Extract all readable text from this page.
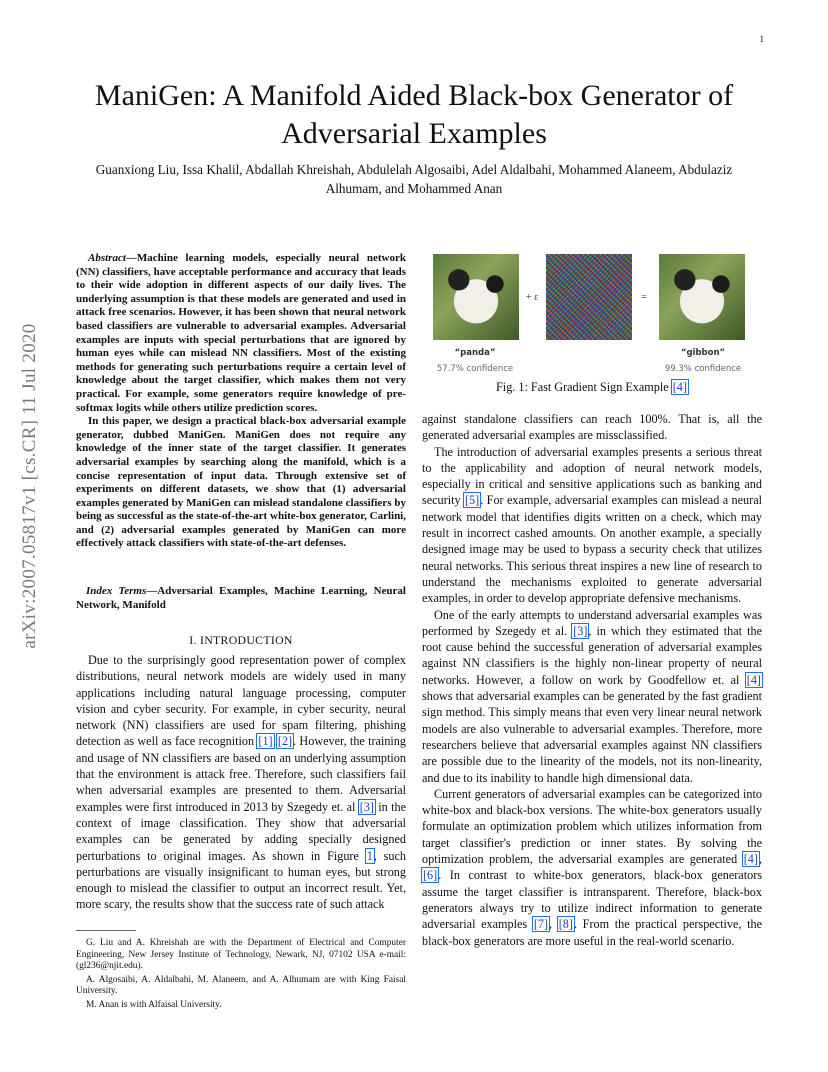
1
arXiv:2007.05817v1 [cs.CR] 11 Jul 2020
ManiGen: A Manifold Aided Black-box Generator of Adversarial Examples
Guanxiong Liu, Issa Khalil, Abdallah Khreishah, Abdulelah Algosaibi, Adel Aldalbahi, Mohammed Alaneem, Abdulaziz Alhumam, and Mohammed Anan

Abstract—Machine learning models, especially neural network (NN) classifiers, have acceptable performance and accuracy that leads to their wide adoption in different aspects of our daily lives. The underlying assumption is that these models are generated and used in attack free scenarios. However, it has been shown that neural network based classifiers are vulnerable to adversarial examples. Adversarial examples are inputs with special perturbations that are ignored by human eyes while can mislead NN classifiers. Most of the existing methods for generating such perturbations require a certain level of knowledge about the target classifier, which makes them not very practical. For example, some generators require knowledge of pre-softmax logits while others utilize prediction scores.

In this paper, we design a practical black-box adversarial example generator, dubbed ManiGen. ManiGen does not require any knowledge of the inner state of the target classifier. It generates adversarial examples by searching along the manifold, which is a concise representation of input data. Through extensive set of experiments on different datasets, we show that (1) adversarial examples generated by ManiGen can mislead standalone classifiers by being as successful as the state-of-the-art white-box generator, Carlini, and (2) adversarial examples generated by ManiGen can more effectively attack classifiers with state-of-the-art defenses.

Index Terms—Adversarial Examples, Machine Learning, Neural Network, Manifold
I. INTRODUCTION

Due to the surprisingly good representation power of complex distributions, neural network models are widely used in many applications including natural language processing, computer vision and cyber security. For example, in cyber security, neural network (NN) classifiers are used for spam filtering, phishing detection as well as face recognition [1] [2]. However, the training and usage of NN classifiers are based on an underlying assumption that the environment is attack free. Therefore, such classifiers fail when adversarial examples are presented to them. Adversarial examples were first introduced in 2013 by Szegedy et. al [3] in the context of image classification. They show that adversarial examples can be generated by adding specially designed perturbations to original images. As shown in Figure 1, such perturbations are visually insignificant to human eyes, but strong enough to mislead the classifier to output an incorrect result. Yet, more scary, the results show that the success rate of such attack

G. Liu and A. Khreishah are with the Department of Electrical and Computer Engineering, New Jersey Institute of Technology, Newark, NJ, 07102 USA e-mail: (gl236@njit.edu).

A. Algosaibi, A. Aldalbahi, M. Alaneem, and A. Alhumam are with King Faisal University.

M. Anan is with Alfaisal University.

+ ε	=
“panda”
57.7% confidence
“gibbon”
99.3% confidence
Fig. 1: Fast Gradient Sign Example [4]

against standalone classifiers can reach 100%. That is, all the generated adversarial examples are missclassified.

The introduction of adversarial examples presents a serious threat to the applicability and adoption of neural network models, especially in critical and sensitive applications such as banking and security [5]. For example, adversarial examples can mislead a neural network model that identifies digits written on a check, which may result in incorrect cashed amounts. On another example, a specially designed image may be used to bypass a security check that utilizes neural networks. This serious threat inspires a new line of research to understand the mechanisms exploited to generate adversarial examples, in order to develop appropriate defensive mechanisms.

One of the early attempts to understand adversarial examples was performed by Szegedy et al. [3], in which they estimated that the root cause behind the successful generation of adversarial examples against NN classifiers is the highly non-linear property of neural networks. However, a follow on work by Goodfellow et. al [4] shows that adversarial examples can be generated by the fast gradient sign method. This simply means that even very linear neural network models are also vulnerable to adversarial examples. Therefore, more researchers believe that adversarial examples against NN classifiers are possible due to the linearity of the models, not its non-linearity, and due to its inability to handle high dimensional data.

Current generators of adversarial examples can be categorized into white-box and black-box versions. The white-box generators usually formulate an optimization problem which utilizes information from target classifier's prediction or inner states. By solving the optimization problem, the adversarial examples are generated [4], [6]. In contrast to white-box generators, black-box generators assume the target classifier is intransparent. Therefore, black-box generators always try to utilize indirect information to generate adversarial examples [7], [8]. From the practical perspective, the black-box generators are more useful in the real-world scenario.
